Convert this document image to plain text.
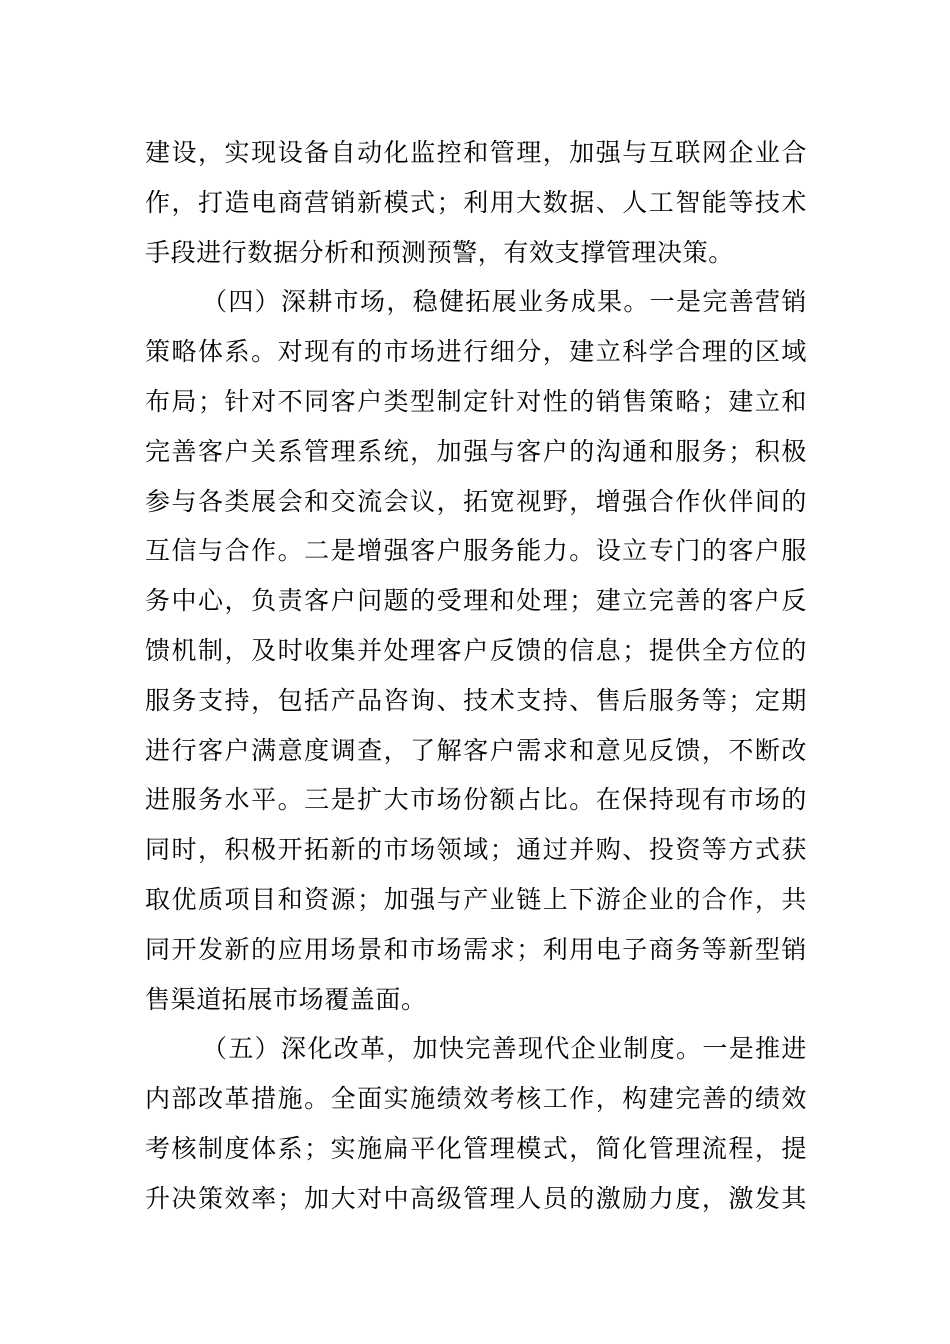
建设，实现设备自动化监控和管理，加强与互联网企业合
作，打造电商营销新模式；利用大数据、人工智能等技术
手段进行数据分析和预测预警，有效支撑管理决策。
（四）深耕市场，稳健拓展业务成果。一是完善营销
策略体系。对现有的市场进行细分，建立科学合理的区域
布局；针对不同客户类型制定针对性的销售策略；建立和
完善客户关系管理系统，加强与客户的沟通和服务；积极
参与各类展会和交流会议，拓宽视野，增强合作伙伴间的
互信与合作。二是增强客户服务能力。设立专门的客户服
务中心，负责客户问题的受理和处理；建立完善的客户反
馈机制，及时收集并处理客户反馈的信息；提供全方位的
服务支持，包括产品咨询、技术支持、售后服务等；定期
进行客户满意度调查，了解客户需求和意见反馈，不断改
进服务水平。三是扩大市场份额占比。在保持现有市场的
同时，积极开拓新的市场领域；通过并购、投资等方式获
取优质项目和资源；加强与产业链上下游企业的合作，共
同开发新的应用场景和市场需求；利用电子商务等新型销
售渠道拓展市场覆盖面。
（五）深化改革，加快完善现代企业制度。一是推进
内部改革措施。全面实施绩效考核工作，构建完善的绩效
考核制度体系；实施扁平化管理模式，简化管理流程，提
升决策效率；加大对中高级管理人员的激励力度，激发其
